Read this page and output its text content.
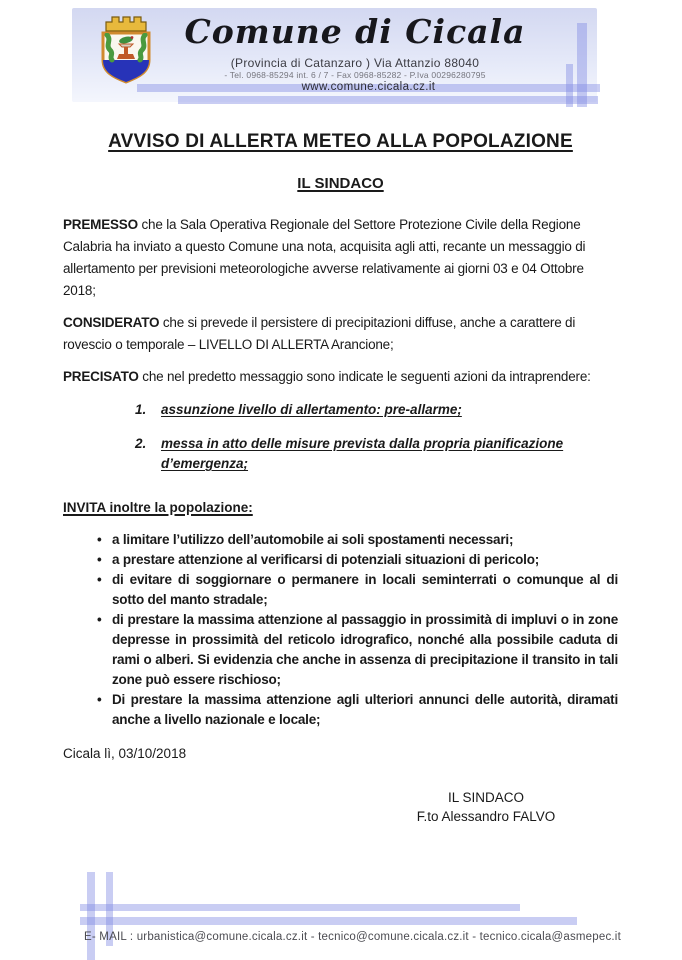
Comune di Cicala
(Provincia di Catanzaro ) Via Attanzio 88040
- Tel. 0968-85294 int. 6 / 7 - Fax 0968-85282 - P.Iva 00296280795
www.comune.cicala.cz.it
AVVISO DI ALLERTA METEO ALLA POPOLAZIONE
IL SINDACO

PREMESSO che la Sala Operativa Regionale del Settore Protezione Civile della Regione Calabria ha inviato a questo Comune una nota, acquisita agli atti, recante un messaggio di allertamento per previsioni meteorologiche avverse relativamente ai giorni 03 e 04 Ottobre 2018;

CONSIDERATO che si prevede il persistere di precipitazioni diffuse, anche a carattere di rovescio o temporale – LIVELLO DI ALLERTA Arancione;

PRECISATO che nel predetto messaggio sono indicate le seguenti azioni da intraprendere:

1. assunzione livello di allertamento: pre-allarme;
2. messa in atto delle misure prevista dalla propria pianificazione d’emergenza;
INVITA inoltre la popolazione:
• a limitare l’utilizzo dell’automobile ai soli spostamenti necessari;
• a prestare attenzione al verificarsi di potenziali situazioni di pericolo;
• di evitare di soggiornare o permanere in locali seminterrati o comunque al di sotto del manto stradale;
• di prestare la massima attenzione al passaggio in prossimità di impluvi o in zone depresse in prossimità del reticolo idrografico, nonché alla possibile caduta di rami o alberi. Si evidenzia che anche in assenza di precipitazione il transito in tali zone può essere rischioso;
• Di prestare la massima attenzione agli ulteriori annunci delle autorità, diramati anche a livello nazionale e locale;
Cicala lì, 03/10/2018
IL SINDACO
F.to Alessandro FALVO
E- MAIL : urbanistica@comune.cicala.cz.it - tecnico@comune.cicala.cz.it - tecnico.cicala@asmepec.it
